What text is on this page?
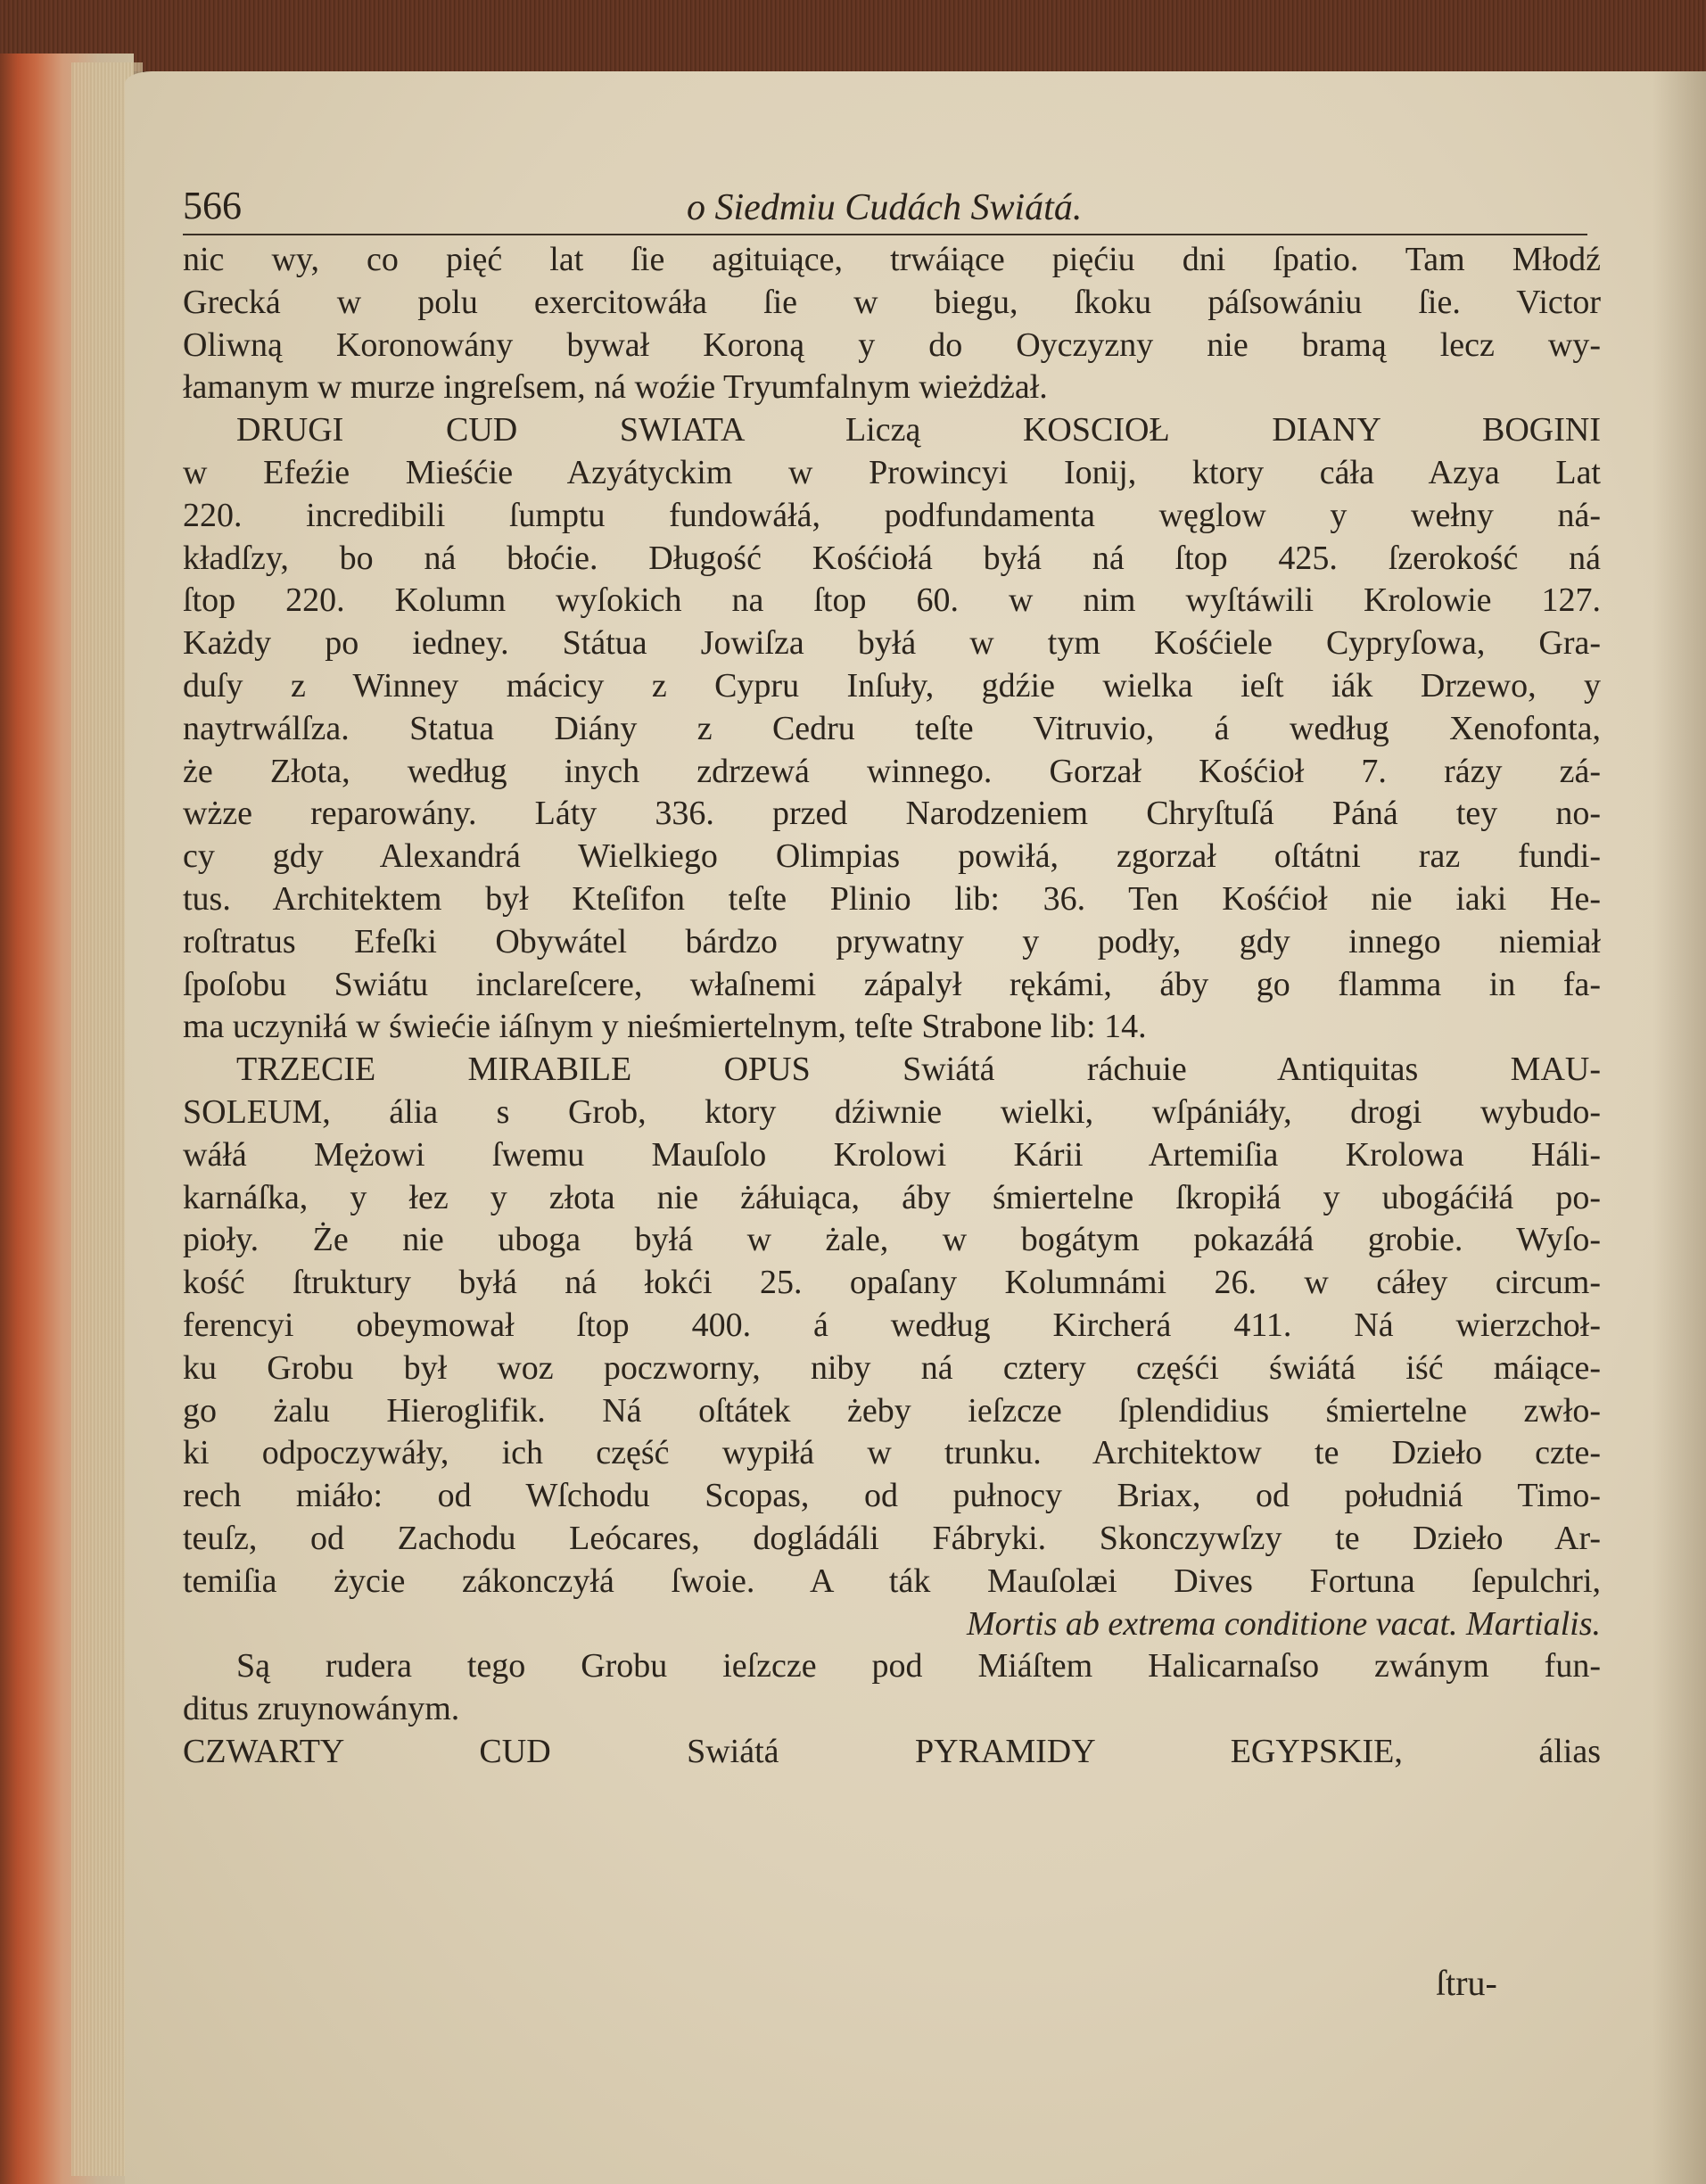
566	o Siedmiu Cudách Swiátá.
nic wy, co pięć lat ſie agituiące, trwáiące pięćiu dni ſpatio. Tam Młodź
Grecká w polu exercitowáła ſie w biegu, ſkoku páſsowániu ſie. Victor
Oliwną Koronowány bywał Koroną y do Oyczyzny nie bramą lecz wy-
łamanym w murze ingreſsem, ná woźie Tryumfalnym wieżdżał.
DRUGI CUD SWIATA Liczą KOSCIOŁ DIANY BOGINI
w Efeźie Mieśćie Azyátyckim w Prowincyi Ionij, ktory cáła Azya Lat
220. incredibili ſumptu fundowáłá, podfundamenta węglow y wełny ná-
kładſzy, bo ná błoćie. Długość Kośćiołá byłá ná ſtop 425. ſzerokość ná
ſtop 220. Kolumn wyſokich na ſtop 60. w nim wyſtáwili Krolowie 127.
Każdy po iedney. Státua Jowiſza byłá w tym Kośćiele Cypryſowa, Gra-
duſy z Winney mácicy z Cypru Inſuły, gdźie wielka ieſt iák Drzewo, y
naytrwálſza. Statua Diány z Cedru teſte Vitruvio, á według Xenofonta,
że Złota, według inych zdrzewá winnego. Gorzał Kośćioł 7. rázy zá-
wżze reparowány. Láty 336. przed Narodzeniem Chryſtuſá Páná tey no-
cy gdy Alexandrá Wielkiego Olimpias powiłá, zgorzał oſtátni raz fundi-
tus. Architektem był Kteſifon teſte Plinio lib: 36. Ten Kośćioł nie iaki He-
roſtratus Efeſki Obywátel bárdzo prywatny y podły, gdy innego niemiał
ſpoſobu Swiátu inclareſcere, właſnemi zápalył rękámi, áby go flamma in fa-
ma uczyniłá w świećie iáſnym y nieśmiertelnym, teſte Strabone lib: 14.
TRZECIE MIRABILE OPUS Swiátá ráchuie Antiquitas MAU-
SOLEUM, ália s Grob, ktory dźiwnie wielki, wſpániáły, drogi wybudo-
wáłá Mężowi ſwemu Mauſolo Krolowi Kárii Artemiſia Krolowa Háli-
karnáſka, y łez y złota nie żáłuiąca, áby śmiertelne ſkropiłá y ubogáćiłá po-
pioły. Że nie uboga byłá w żale, w bogátym pokazáłá grobie. Wyſo-
kość ſtruktury byłá ná łokći 25. opaſany Kolumnámi 26. w cáłey circum-
ferencyi obeymował ſtop 400. á według Kircherá 411. Ná wierzchoł-
ku Grobu był woz poczworny, niby ná cztery częśći świátá iść máiące-
go żalu Hieroglifik. Ná oſtátek żeby ieſzcze ſplendidius śmiertelne zwło-
ki odpoczywáły, ich część wypiłá w trunku. Architektow te Dzieło czte-
rech miáło: od Wſchodu Scopas, od pułnocy Briax, od południá Timo-
teuſz, od Zachodu Leócares, dogládáli Fábryki. Skonczywſzy te Dzieło Ar-
temiſia życie zákonczyłá ſwoie. A ták Mauſolæi Dives Fortuna ſepulchri,
Mortis ab extrema conditione vacat. Martialis.
Są rudera tego Grobu ieſzcze pod Miáſtem Halicarnaſso zwánym fun-
ditus zruynowánym.
CZWARTY CUD Swiátá PYRAMIDY EGYPSKIE, álias
ſtru-
